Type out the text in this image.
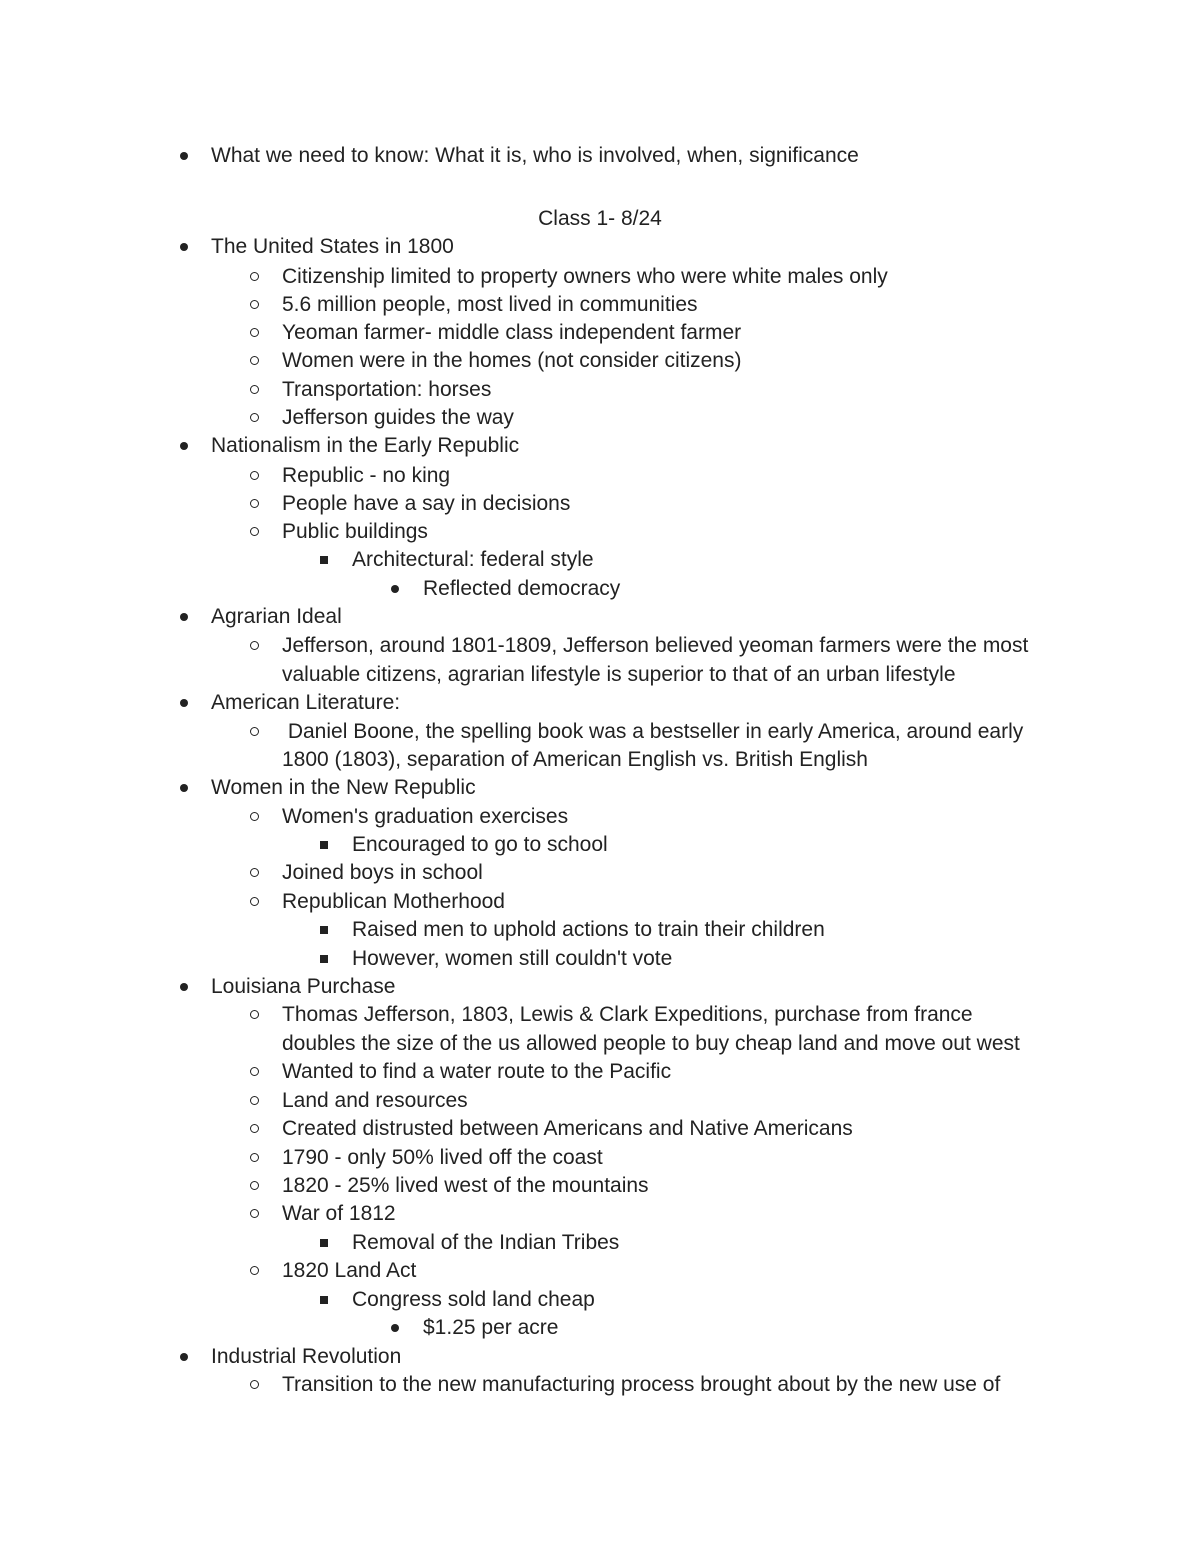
What we need to know: What it is, who is involved, when, significance
Class 1- 8/24
The United States in 1800
Citizenship limited to property owners who were white males only
5.6 million people, most lived in communities
Yeoman farmer- middle class independent farmer
Women were in the homes (not consider citizens)
Transportation: horses
Jefferson guides the way
Nationalism in the Early Republic
Republic - no king
People have a say in decisions
Public buildings
Architectural: federal style
Reflected democracy
Agrarian Ideal
Jefferson, around 1801-1809, Jefferson believed yeoman farmers were the most
valuable citizens, agrarian lifestyle is superior to that of an urban lifestyle
American Literature:
Daniel Boone, the spelling book was a bestseller in early America, around early
1800 (1803), separation of American English vs. British English
Women in the New Republic
Women's graduation exercises
Encouraged to go to school
Joined boys in school
Republican Motherhood
Raised men to uphold actions to train their children
However, women still couldn't vote
Louisiana Purchase
Thomas Jefferson, 1803, Lewis & Clark Expeditions, purchase from france
doubles the size of the us allowed people to buy cheap land and move out west
Wanted to find a water route to the Pacific
Land and resources
Created distrusted between Americans and Native Americans
1790 - only 50% lived off the coast
1820 - 25% lived west of the mountains
War of 1812
Removal of the Indian Tribes
1820 Land Act
Congress sold land cheap
$1.25 per acre
Industrial Revolution
Transition to the new manufacturing process brought about by the new use of
